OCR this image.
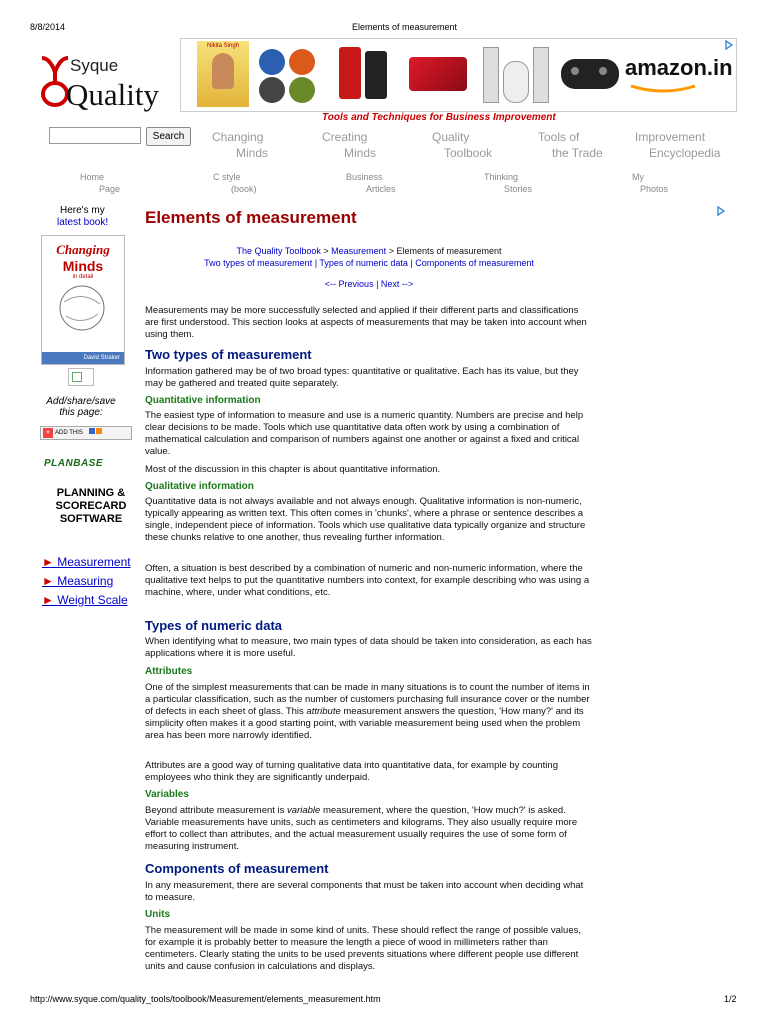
8/8/2014	Elements of measurement
Syque
Quality
Nikita Singh
amazon.in
Tools and Techniques for Business Improvement
Search	Changing
Minds
Creating
Minds
Quality
Toolbook
Tools of
the Trade
Improvement
Encyclopedia
Home
Page
C style
(book)
Business
Articles
Thinking
Stories
My
Photos
Here's my
latest book!
Changing
Minds
in detail
David Straker
Add/share/save
this page:
+ ADD THIS
PLANBASE
PLANNING &
SCORECARD
SOFTWARE
► Measurement
► Measuring
► Weight Scale
Elements of measurement
The Quality Toolbook > Measurement > Elements of measurement
Two types of measurement | Types of numeric data | Components of measurement
<-- Previous | Next -->

Measurements may be more successfully selected and applied if their different parts and classifications are first understood. This section looks at aspects of measurements that may be taken into account when using them.

Two types of measurement

Information gathered may be of two broad types: quantitative or qualitative. Each has its value, but they may be gathered and treated quite separately.

Quantitative information

The easiest type of information to measure and use is a numeric quantity. Numbers are precise and help clear decisions to be made. Tools which use quantitative data often work by using a combination of mathematical calculation and comparison of numbers against one another or against a fixed and critical value.

Most of the discussion in this chapter is about quantitative information.

Qualitative information

Quantitative data is not always available and not always enough. Qualitative information is non-numeric, typically appearing as written text. This often comes in 'chunks', where a phrase or sentence describes a single, independent piece of information. Tools which use qualitative data typically organize and structure these chunks relative to one another, thus revealing further information.

Often, a situation is best described by a combination of numeric and non-numeric information, where the qualitative text helps to put the quantitative numbers into context, for example describing who was using a machine, where, under what conditions, etc.

Types of numeric data

When identifying what to measure, two main types of data should be taken into consideration, as each has applications where it is more useful.

Attributes

One of the simplest measurements that can be made in many situations is to count the number of items in a particular classification, such as the number of customers purchasing full insurance cover or the number of defects in each sheet of glass. This attribute measurement answers the question, 'How many?' and its simplicity often makes it a good starting point, with variable measurement being used when the problem area has been more narrowly identified.

Attributes are a good way of turning qualitative data into quantitative data, for example by counting employees who think they are significantly underpaid.

Variables

Beyond attribute measurement is variable measurement, where the question, 'How much?' is asked. Variable measurements have units, such as centimeters and kilograms. They also usually require more effort to collect than attributes, and the actual measurement usually requires the use of some form of measuring instrument.

Components of measurement

In any measurement, there are several components that must be taken into account when deciding what to measure.

Units

The measurement will be made in some kind of units. These should reflect the range of possible values, for example it is probably better to measure the length a piece of wood in millimeters rather than centimeters. Clearly stating the units to be used prevents situations where different people use different units and cause confusion in calculations and displays.

http://www.syque.com/quality_tools/toolbook/Measurement/elements_measurement.htm	1/2
